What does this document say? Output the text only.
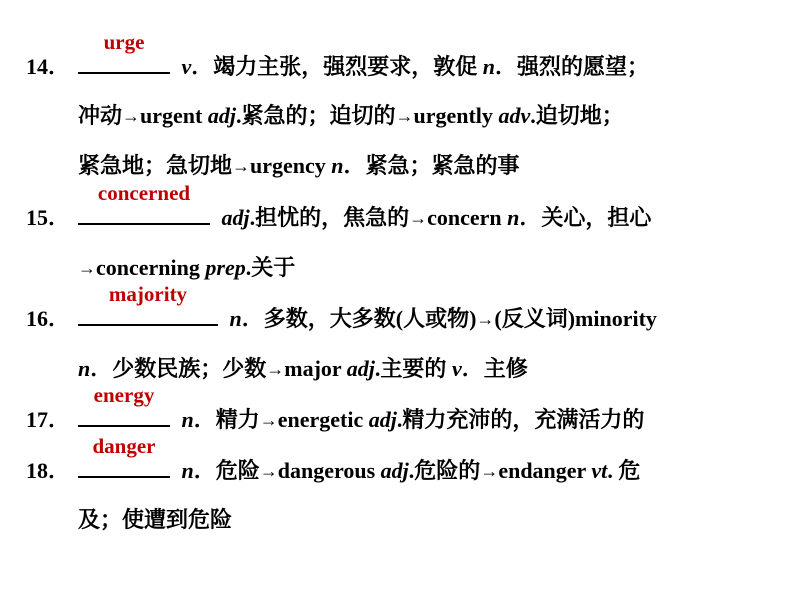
14．
urge
v．竭力主张，强烈要求，敦促 n．强烈的愿望；
冲动→urgent adj.紧急的；迫切的→urgently adv.迫切地；
紧急地；急切地→urgency n．紧急；紧急的事
15．
concerned
adj.担忧的，焦急的→concern n．关心，担心
→concerning prep.关于
16．
majority
n．多数，大多数(人或物)→(反义词)minority
n．少数民族；少数→major adj.主要的 v．主修
17．
energy
n．精力→energetic adj.精力充沛的，充满活力的
18．
danger
n．危险→dangerous adj.危险的→endanger vt. 危
及；使遭到危险
